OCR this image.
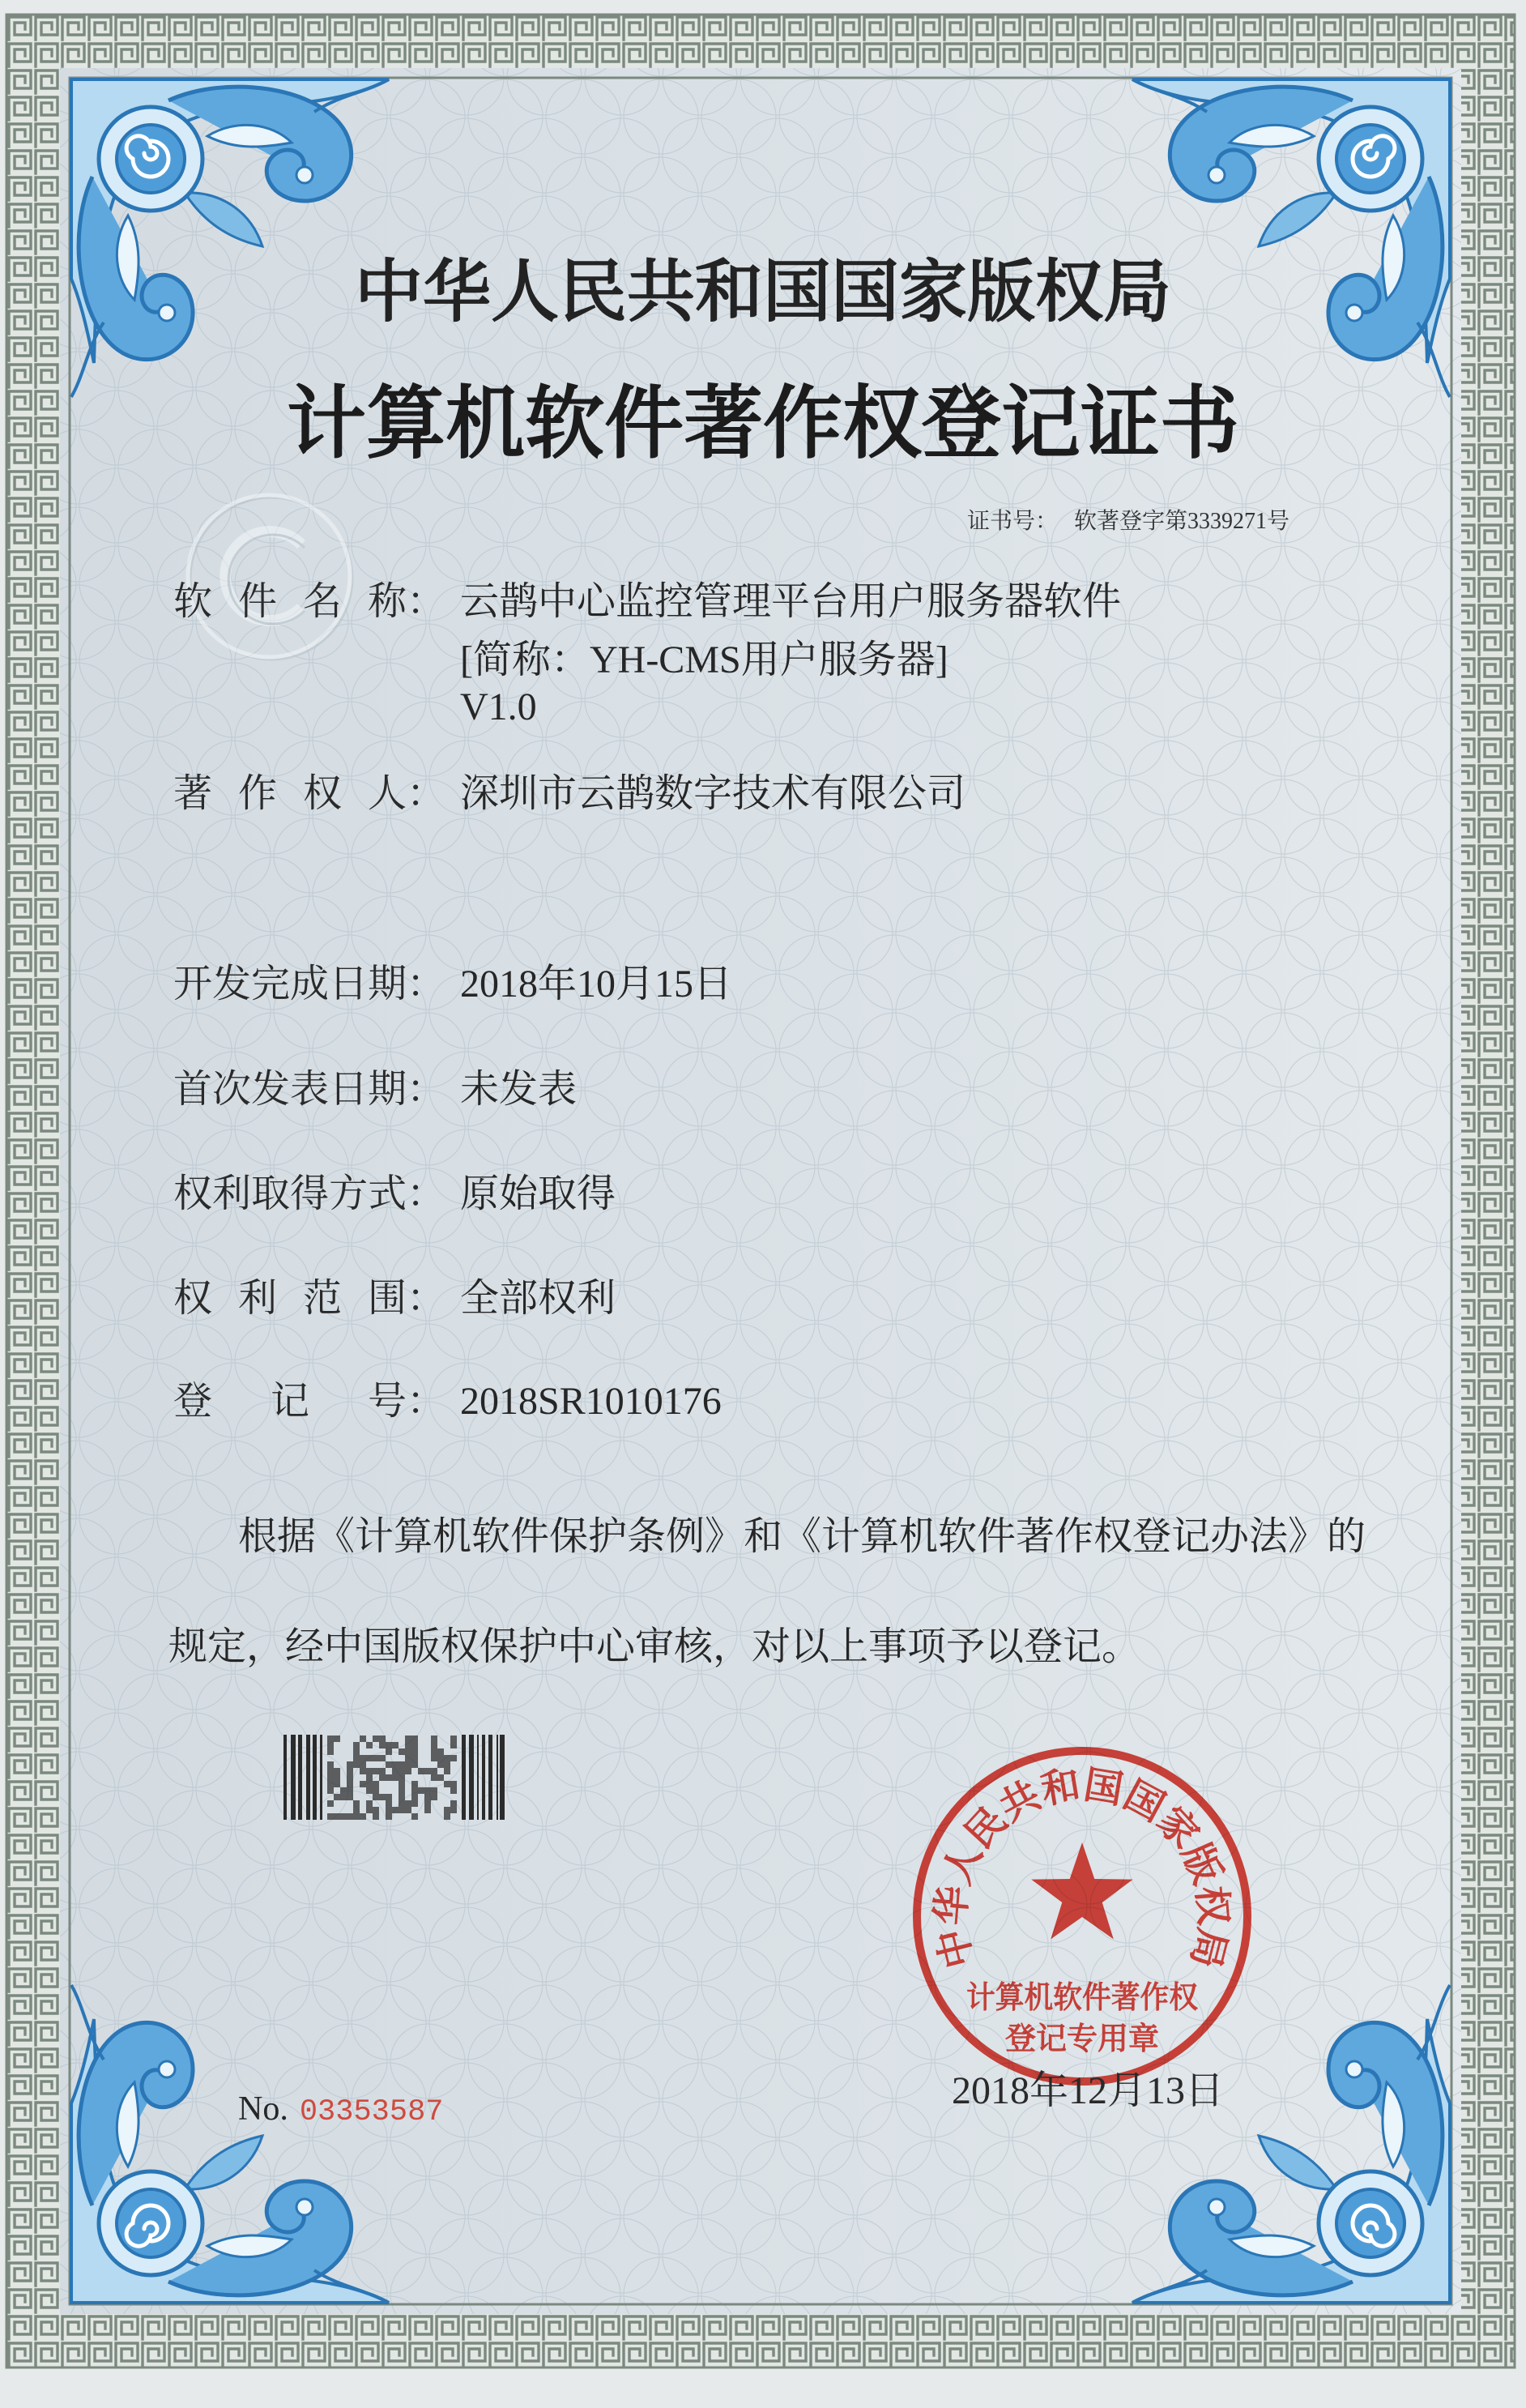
中华人民共和国国家版权局
计算机软件著作权登记证书
证书号： 软著登字第3339271号
软 件 名 称 ： 云鹊中心监控管理平台用户服务器软件
[简称：YH-CMS用户服务器]
V1.0
著 作 权 人 ： 深圳市云鹊数字技术有限公司
开 发 完 成 日 期 ： 2018年10月15日
首 次 发 表 日 期 ： 未发表
权 利 取 得 方 式 ： 原始取得
权 利 范 围 ： 全部权利
登 记 号 ： 2018SR1010176
根据《计算机软件保护条例》和《计算机软件著作权登记办法》的
规定，经中国版权保护中心审核，对以上事项予以登记。
中华人民共和国国家版权局
计算机软件著作权
登记专用章
No. 03353587	2018年12月13日
